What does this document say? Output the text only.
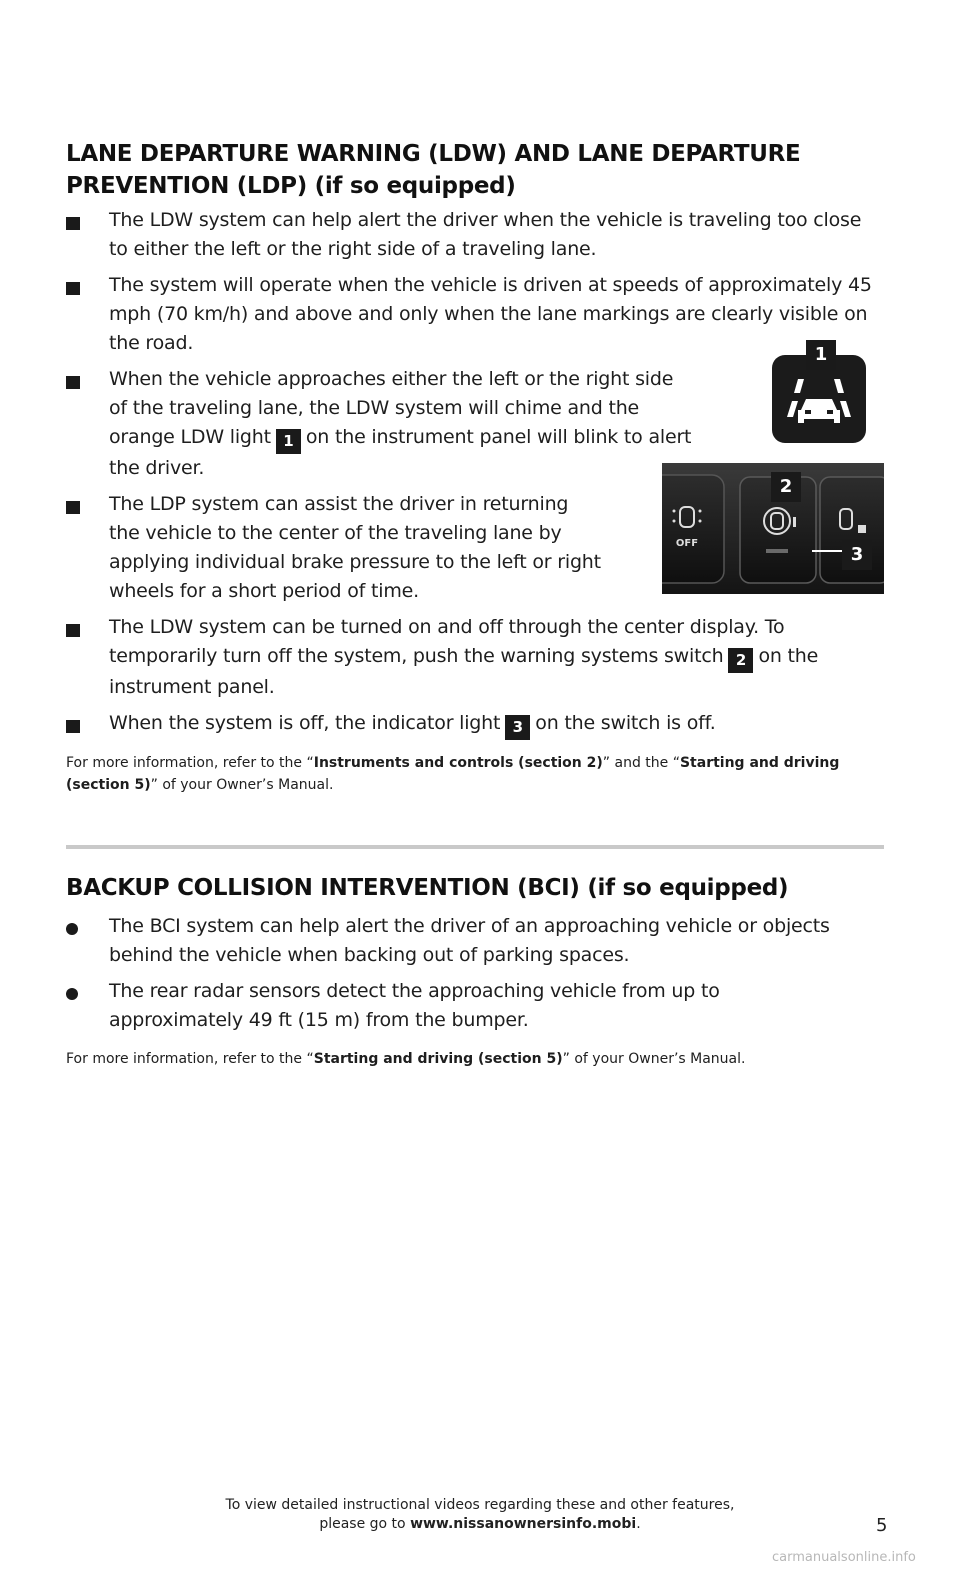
LANE DEPARTURE WARNING (LDW) AND LANE DEPARTURE
PREVENTION (LDP) (if so equipped)
The LDW system can help alert the driver when the vehicle is traveling too close to either the left or the right side of a traveling lane.
The system will operate when the vehicle is driven at speeds of approximately 45 mph (70 km/h) and above and only when the lane markings are clearly visible on the road.
When the vehicle approaches either the left or the right side
of the traveling lane, the LDW system will chime and the
orange LDW light 1 on the instrument panel will blink to alert
the driver.
The LDP system can assist the driver in returning
the vehicle to the center of the traveling lane by
applying individual brake pressure to the left or right
wheels for a short period of time.
The LDW system can be turned on and off through the center display. To temporarily turn off the system, push the warning systems switch 2 on the instrument panel.
When the system is off, the indicator light 3 on the switch is off.
1
OFF
2
3

For more information, refer to the “Instruments and controls (section 2)” and the “Starting and driving (section 5)” of your Owner’s Manual.

BACKUP COLLISION INTERVENTION (BCI) (if so equipped)
The BCI system can help alert the driver of an approaching vehicle or objects behind the vehicle when backing out of parking spaces.
The rear radar sensors detect the approaching vehicle from up to approximately 49 ft (15 m) from the bumper.

For more information, refer to the “Starting and driving (section 5)” of your Owner’s Manual.

To view detailed instructional videos regarding these and other features,
please go to www.nissanownersinfo.mobi.	5

carmanualsonline.info
